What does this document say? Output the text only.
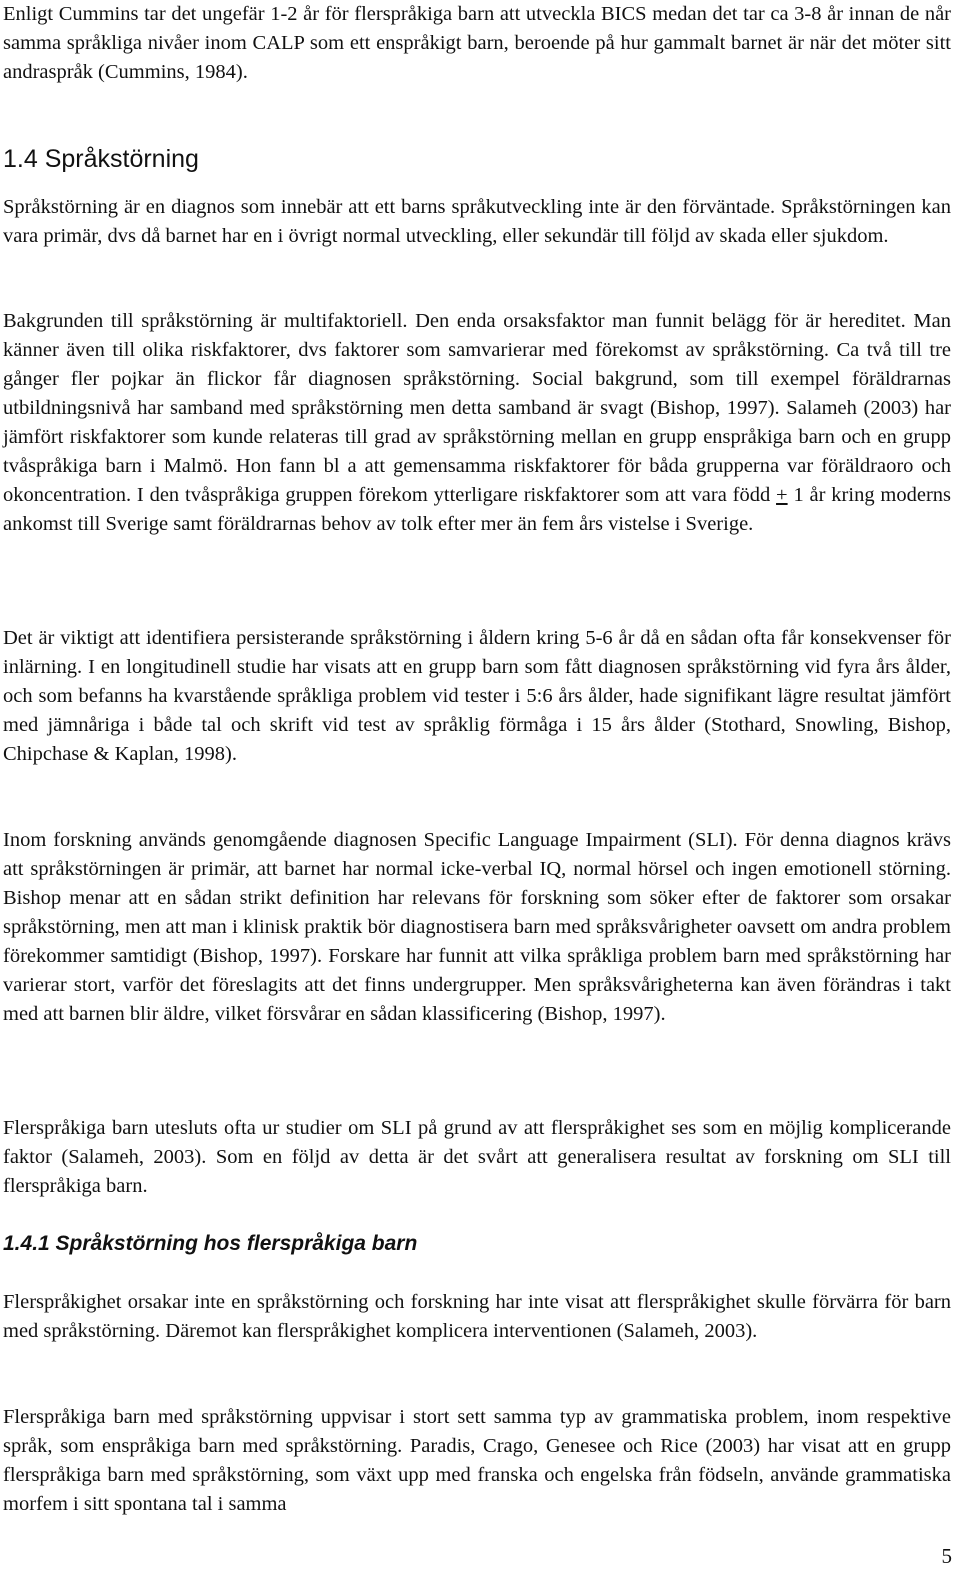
Enligt Cummins tar det ungefär 1-2 år för flerspråkiga barn att utveckla BICS medan det tar ca 3-8 år innan de når samma språkliga nivåer inom CALP som ett enspråkigt barn, beroende på hur gammalt barnet är när det möter sitt andraspråk (Cummins, 1984).

1.4 Språkstörning

Språkstörning är en diagnos som innebär att ett barns språkutveckling inte är den förväntade. Språkstörningen kan vara primär, dvs då barnet har en i övrigt normal utveckling, eller sekundär till följd av skada eller sjukdom.

Bakgrunden till språkstörning är multifaktoriell. Den enda orsaksfaktor man funnit belägg för är hereditet. Man känner även till olika riskfaktorer, dvs faktorer som samvarierar med förekomst av språkstörning. Ca två till tre gånger fler pojkar än flickor får diagnosen språkstörning. Social bakgrund, som till exempel föräldrarnas utbildningsnivå har samband med språkstörning men detta samband är svagt (Bishop, 1997). Salameh (2003) har jämfört riskfaktorer som kunde relateras till grad av språkstörning mellan en grupp enspråkiga barn och en grupp tvåspråkiga barn i Malmö. Hon fann bl a att gemensamma riskfaktorer för båda grupperna var föräldraoro och okoncentration. I den tvåspråkiga gruppen förekom ytterligare riskfaktorer som att vara född + 1 år kring moderns ankomst till Sverige samt föräldrarnas behov av tolk efter mer än fem års vistelse i Sverige.

Det är viktigt att identifiera persisterande språkstörning i åldern kring 5-6 år då en sådan ofta får konsekvenser för inlärning. I en longitudinell studie har visats att en grupp barn som fått diagnosen språkstörning vid fyra års ålder, och som befanns ha kvarstående språkliga problem vid tester i 5:6 års ålder, hade signifikant lägre resultat jämfört med jämnåriga i både tal och skrift vid test av språklig förmåga i 15 års ålder (Stothard, Snowling, Bishop, Chipchase & Kaplan, 1998).

Inom forskning används genomgående diagnosen Specific Language Impairment (SLI). För denna diagnos krävs att språkstörningen är primär, att barnet har normal icke-verbal IQ, normal hörsel och ingen emotionell störning. Bishop menar att en sådan strikt definition har relevans för forskning som söker efter de faktorer som orsakar språkstörning, men att man i klinisk praktik bör diagnostisera barn med språksvårigheter oavsett om andra problem förekommer samtidigt (Bishop, 1997). Forskare har funnit att vilka språkliga problem barn med språkstörning har varierar stort, varför det föreslagits att det finns undergrupper. Men språksvårigheterna kan även förändras i takt med att barnen blir äldre, vilket försvårar en sådan klassificering (Bishop, 1997).

Flerspråkiga barn utesluts ofta ur studier om SLI på grund av att flerspråkighet ses som en möjlig komplicerande faktor (Salameh, 2003). Som en följd av detta är det svårt att generalisera resultat av forskning om SLI till flerspråkiga barn.

1.4.1 Språkstörning hos flerspråkiga barn

Flerspråkighet orsakar inte en språkstörning och forskning har inte visat att flerspråkighet skulle förvärra för barn med språkstörning. Däremot kan flerspråkighet komplicera interventionen (Salameh, 2003).

Flerspråkiga barn med språkstörning uppvisar i stort sett samma typ av grammatiska problem, inom respektive språk, som enspråkiga barn med språkstörning. Paradis, Crago, Genesee och Rice (2003) har visat att en grupp flerspråkiga barn med språkstörning, som växt upp med franska och engelska från födseln, använde grammatiska morfem i sitt spontana tal i samma

5
